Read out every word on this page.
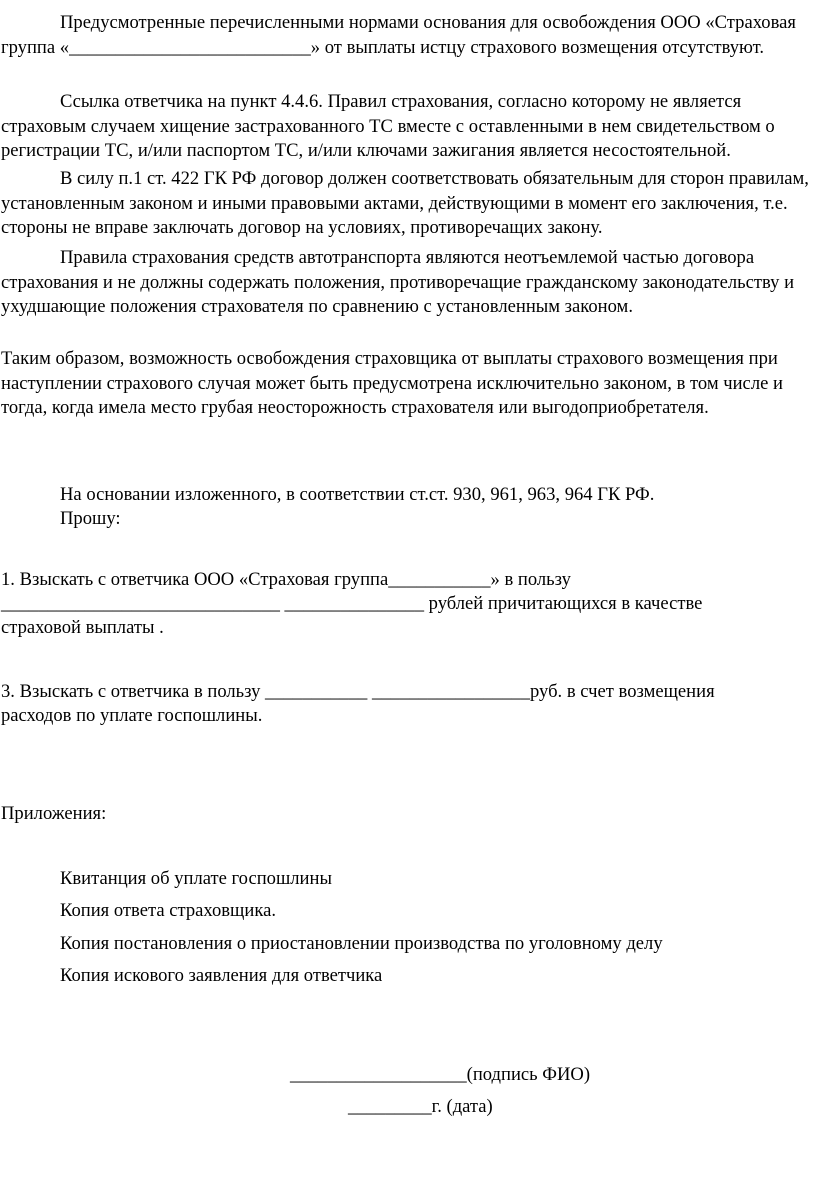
Предусмотренные перечисленными нормами основания для освобождения ООО «Страховая группа «__________________________» от выплаты истцу страхового возмещения отсутствуют.

Ссылка ответчика на пункт 4.4.6. Правил страхования, согласно которому не является страховым случаем хищение застрахованного ТС вместе с оставленными в нем свидетельством о регистрации ТС, и/или паспортом ТС, и/или ключами зажигания является несостоятельной.

В силу п.1 ст. 422 ГК РФ договор должен соответствовать обязательным для сторон правилам, установленным законом и иными правовыми актами, действующими в момент его заключения, т.е. стороны не вправе заключать договор на условиях, противоречащих закону.

Правила страхования средств автотранспорта являются неотъемлемой частью договора страхования и не должны содержать положения, противоречащие гражданскому законодательству и ухудшающие положения страхователя по сравнению с установленным законом.

Таким образом, возможность освобождения страховщика от выплаты страхового возмещения при наступлении страхового случая может быть предусмотрена исключительно законом, в том числе и тогда, когда имела место грубая неосторожность страхователя или выгодоприобретателя.

На основании изложенного, в соответствии ст.ст. 930, 961, 963, 964 ГК РФ.
Прошу:
1. Взыскать с ответчика ООО «Страховая группа___________» в пользу
______________________________ _______________ рублей причитающихся в качестве
страховой выплаты .
3. Взыскать с ответчика в пользу ___________ _________________руб. в счет возмещения
расходов по уплате госпошлины.
Приложения:
Квитанция об уплате госпошлины
Копия ответа страховщика.
Копия постановления о приостановлении производства по уголовному делу
Копия искового заявления для ответчика
___________________(подпись ФИО)
_________г. (дата)
